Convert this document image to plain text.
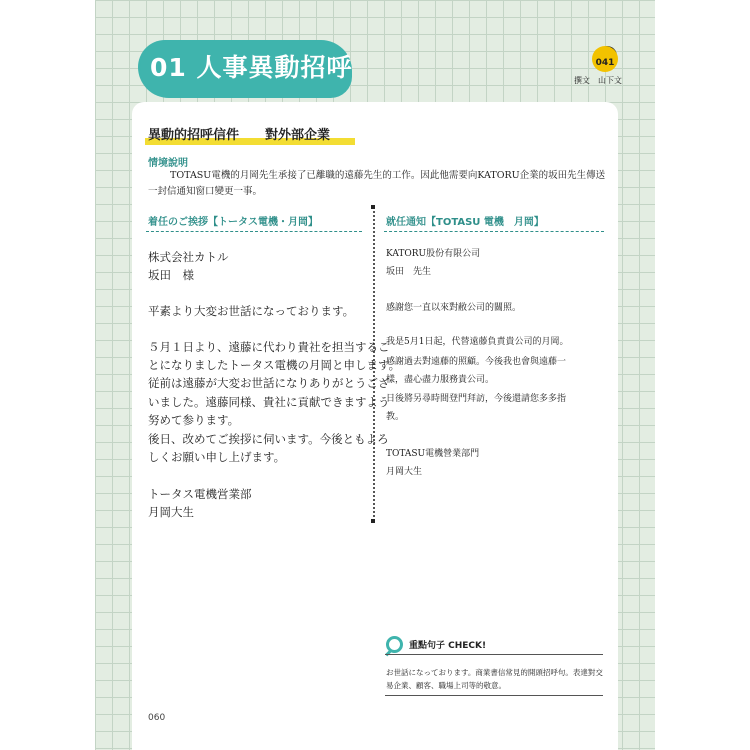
01 人事異動招呼	041
撰文　山下文
異動的招呼信件　　對外部企業
情境說明
TOTASU電機的月岡先生承接了已離職的遠藤先生的工作。因此他需要向KATORU企業的坂田先生傳送一封信通知窗口變更一事。
着任のご挨拶【トータス電機・月岡】	就任通知【TOTASU 電機　月岡】
株式会社カトル
坂田　様
平素より大変お世話になっております。
５月１日より、遠藤に代わり貴社を担当するこ
とになりましたトータス電機の月岡と申します。
従前は遠藤が大変お世話になりありがとうござ
いました。遠藤同様、貴社に貢献できますよう
努めて参ります。
後日、改めてご挨拶に伺います。今後ともよろ
しくお願い申し上げます。
トータス電機営業部
月岡大生
KATORU股份有限公司
坂田　先生
感謝您一直以來對敝公司的關照。
我是5月1日起，代替遠藤負責貴公司的月岡。
感謝過去對遠藤的照顧。今後我也會與遠藤一
樣，盡心盡力服務貴公司。
日後將另尋時間登門拜訪，今後還請您多多指
教。
TOTASU電機營業部門
月岡大生
重點句子 CHECK!
お世話になっております。商業書信常見的開頭招呼句。表達對交易企業、顧客、職場上司等的敬意。
060
